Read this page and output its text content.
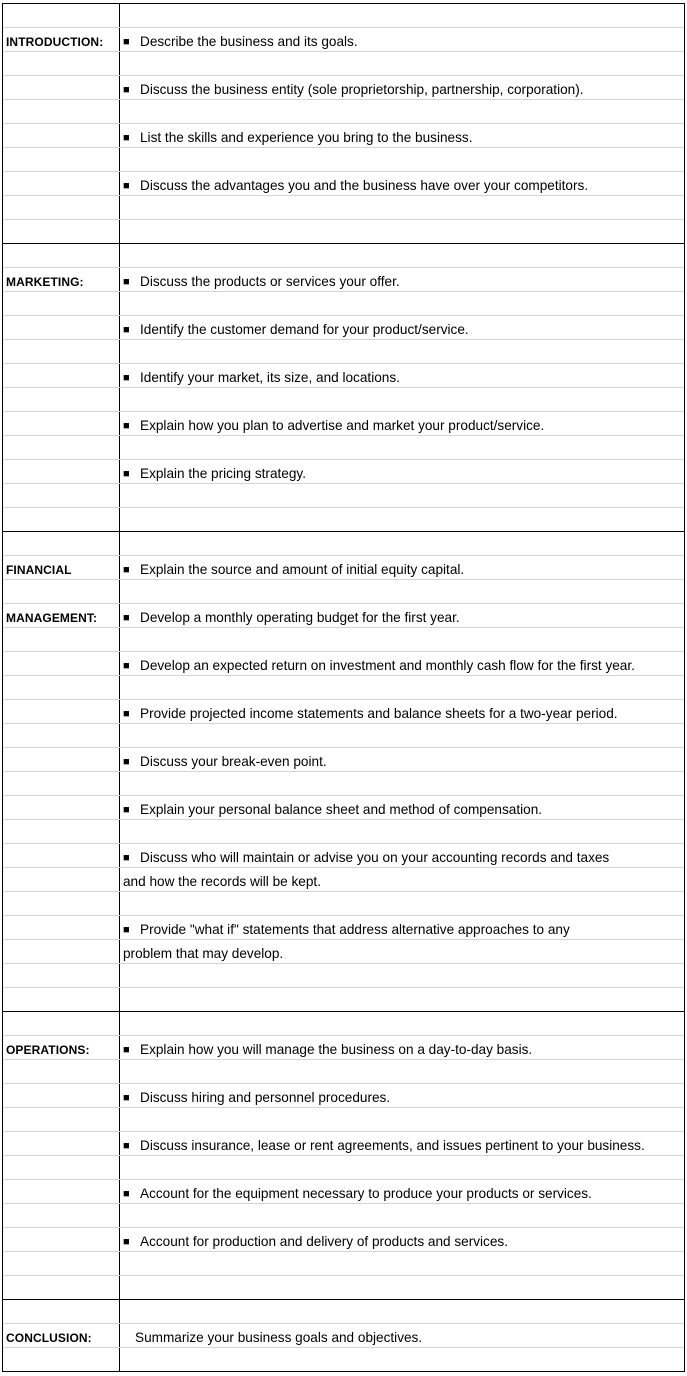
■ Describe the business and its goals.
INTRODUCTION:
■ Discuss the business entity (sole proprietorship, partnership, corporation).
■ List the skills and experience you bring to the business.
■ Discuss the advantages you and the business have over your competitors.
■ Discuss the products or services your offer.
MARKETING:
■ Identify the customer demand for your product/service.
■ Identify your market, its size, and locations.
■ Explain how you plan to advertise and market your product/service.
■ Explain the pricing strategy.
■ Explain the source and amount of initial equity capital.
FINANCIAL
■ Develop a monthly operating budget for the first year.
MANAGEMENT:
■ Develop an expected return on investment and monthly cash flow for the first year.
■ Provide projected income statements and balance sheets for a two-year period.
■ Discuss your break-even point.
■ Explain your personal balance sheet and method of compensation.
■ Discuss who will maintain or advise you on your accounting records and taxes
and how the records will be kept.
■ Provide "what if" statements that address alternative approaches to any
problem that may develop.
■ Explain how you will manage the business on a day-to-day basis.
OPERATIONS:
■ Discuss hiring and personnel procedures.
■ Discuss insurance, lease or rent agreements, and issues pertinent to your business.
■ Account for the equipment necessary to produce your products or services.
■ Account for production and delivery of products and services.
Summarize your business goals and objectives.
CONCLUSION:
